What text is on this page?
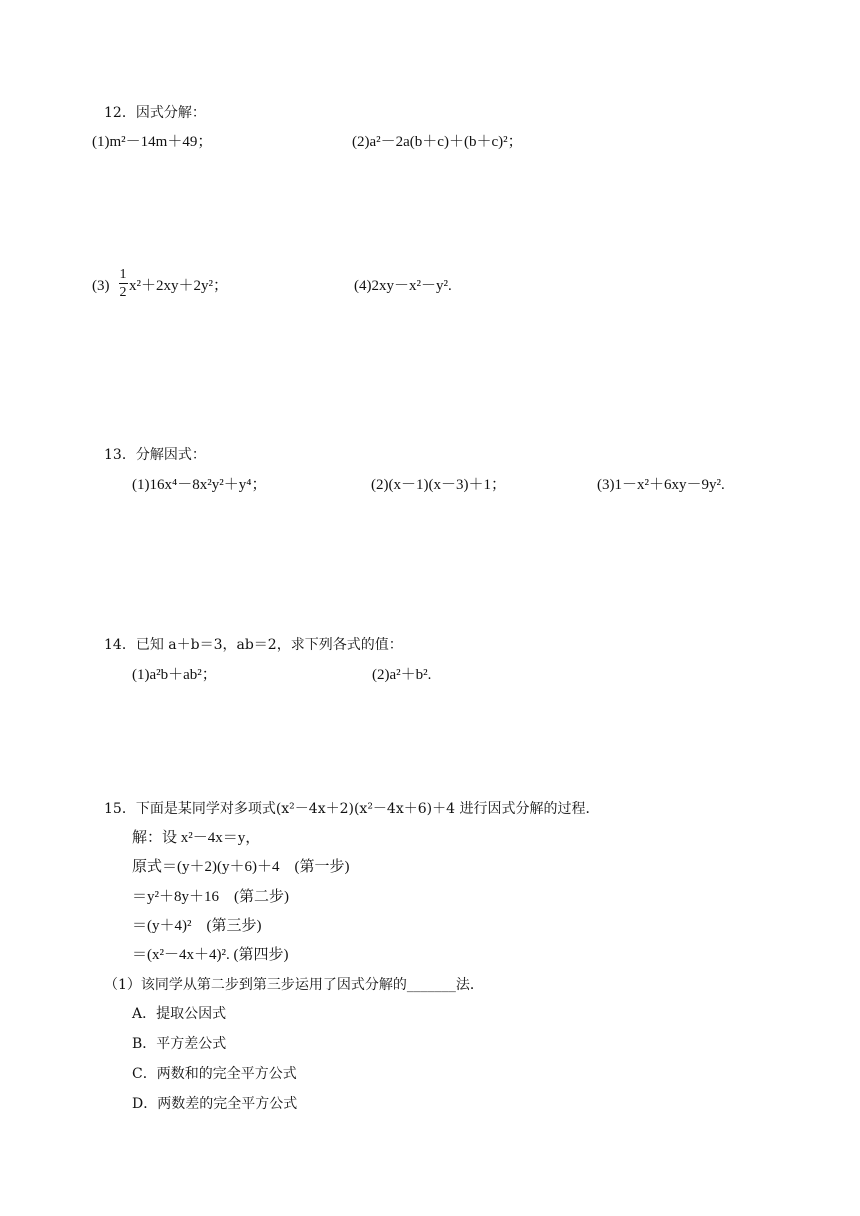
12．因式分解：
(1)m²－14m＋49；	(2)a²－2a(b＋c)＋(b＋c)²；
(3)
1
2 x²＋2xy＋2y²；	(4)2xy－x²－y².
13．分解因式：
(1)16x⁴－8x²y²＋y⁴；	(2)(x－1)(x－3)＋1；	(3)1－x²＋6xy－9y².
14．已知 a＋b＝3，ab＝2，求下列各式的值：
(1)a²b＋ab²；	(2)a²＋b².
15．下面是某同学对多项式(x²－4x＋2)(x²－4x＋6)＋4 进行因式分解的过程．
解：设 x²－4x＝y，
原式＝(y＋2)(y＋6)＋4　(第一步)
＝y²＋8y＋16　(第二步)
＝(y＋4)²　(第三步)
＝(x²－4x＋4)². (第四步)
（1）该同学从第二步到第三步运用了因式分解的_______法．
A．提取公因式
B．平方差公式
C．两数和的完全平方公式
D．两数差的完全平方公式
